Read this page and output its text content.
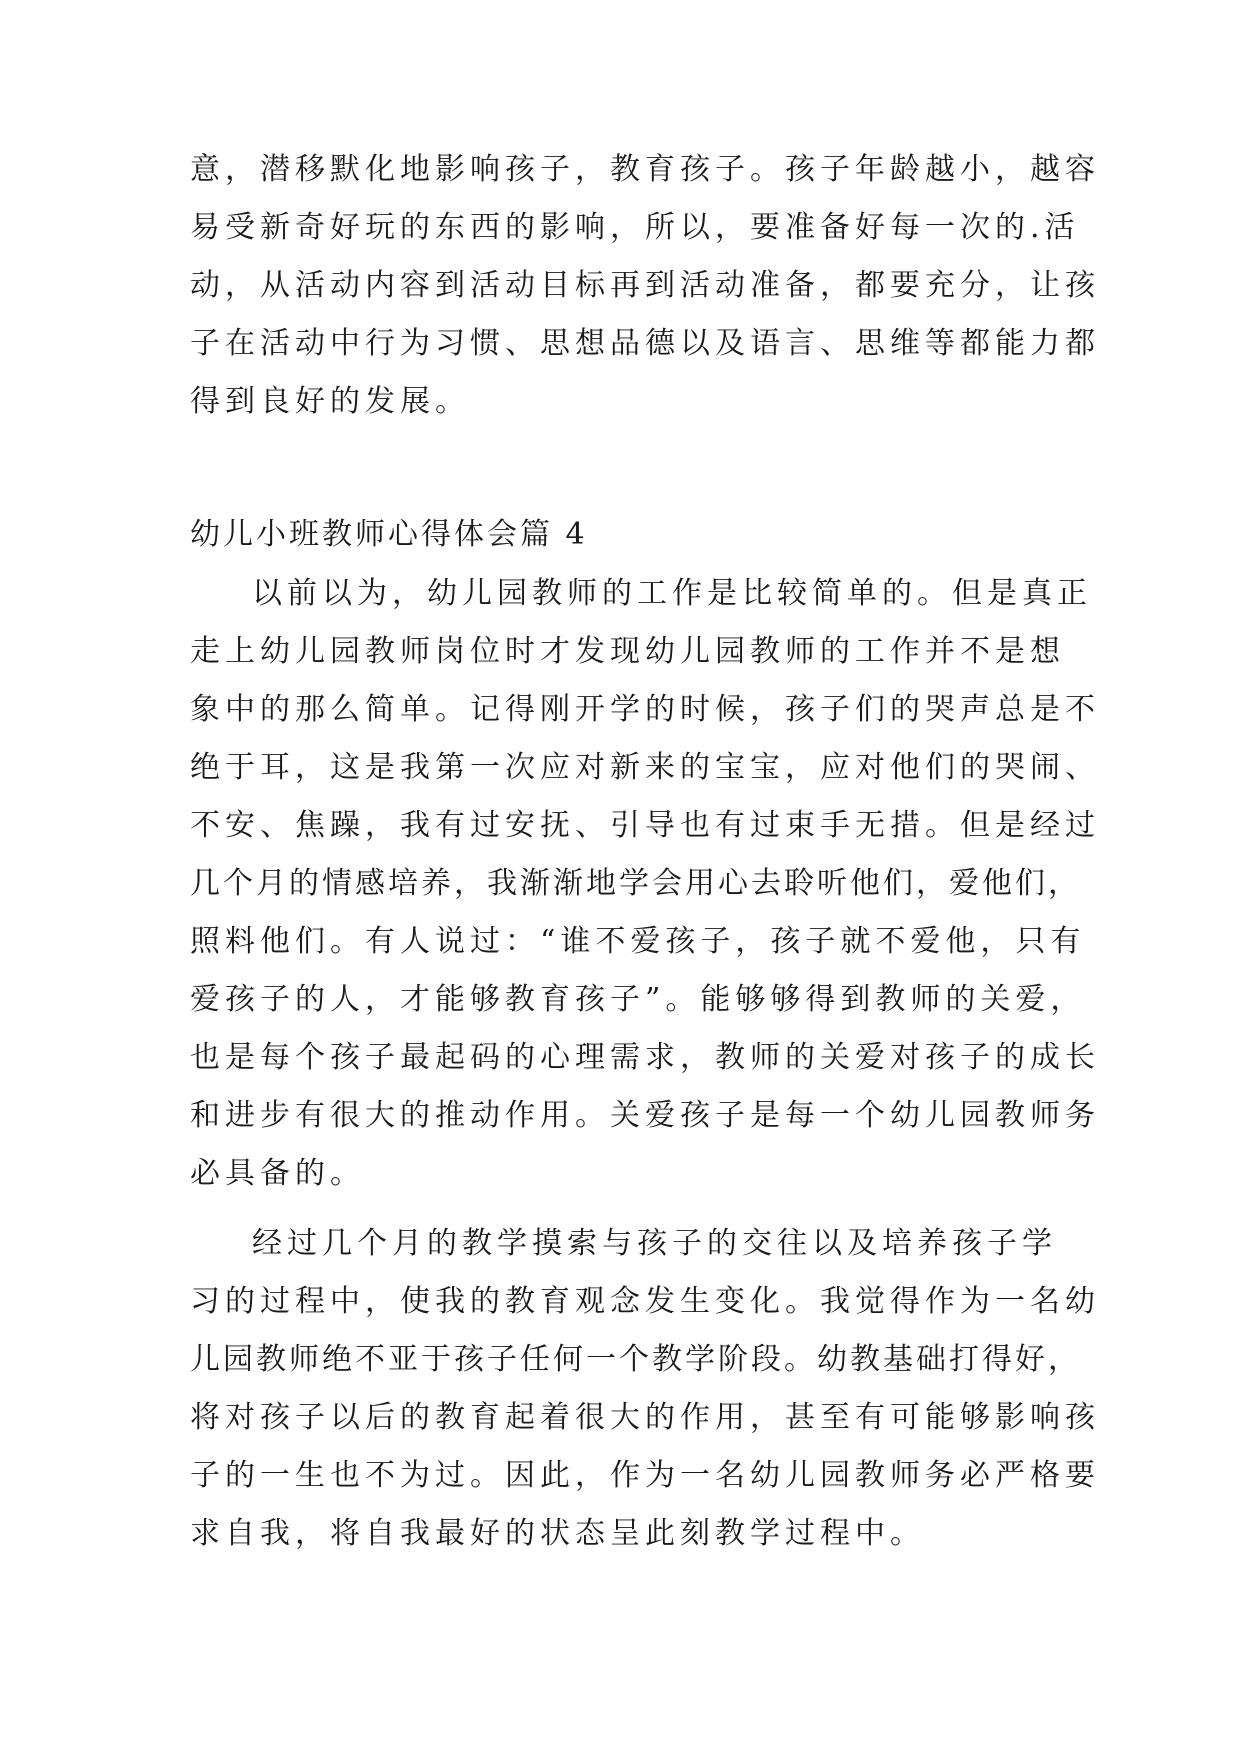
意，潜移默化地影响孩子，教育孩子。孩子年龄越小，越容
易受新奇好玩的东西的影响，所以，要准备好每一次的.活
动，从活动内容到活动目标再到活动准备，都要充分，让孩
子在活动中行为习惯、思想品德以及语言、思维等都能力都
得到良好的发展。
幼儿小班教师心得体会篇 4
以前以为，幼儿园教师的工作是比较简单的。但是真正
走上幼儿园教师岗位时才发现幼儿园教师的工作并不是想
象中的那么简单。记得刚开学的时候，孩子们的哭声总是不
绝于耳，这是我第一次应对新来的宝宝，应对他们的哭闹、
不安、焦躁，我有过安抚、引导也有过束手无措。但是经过
几个月的情感培养，我渐渐地学会用心去聆听他们，爱他们，
照料他们。有人说过：“谁不爱孩子，孩子就不爱他，只有
爱孩子的人，才能够教育孩子”。能够够得到教师的关爱，
也是每个孩子最起码的心理需求，教师的关爱对孩子的成长
和进步有很大的推动作用。关爱孩子是每一个幼儿园教师务
必具备的。
经过几个月的教学摸索与孩子的交往以及培养孩子学
习的过程中，使我的教育观念发生变化。我觉得作为一名幼
儿园教师绝不亚于孩子任何一个教学阶段。幼教基础打得好，
将对孩子以后的教育起着很大的作用，甚至有可能够影响孩
子的一生也不为过。因此，作为一名幼儿园教师务必严格要
求自我，将自我最好的状态呈此刻教学过程中。
